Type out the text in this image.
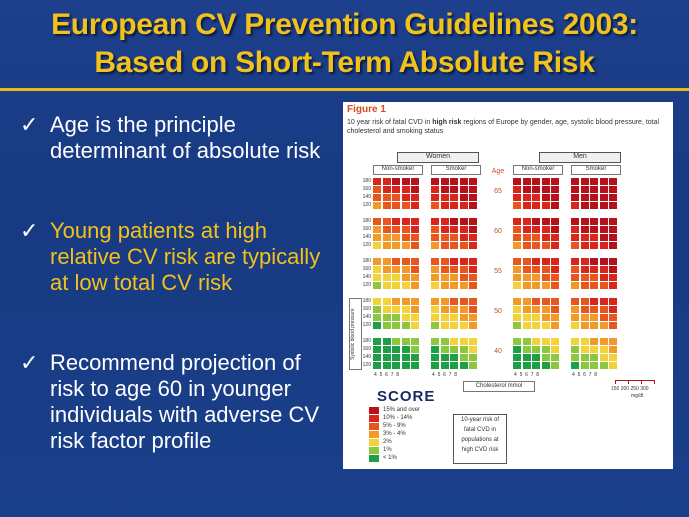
European CV Prevention Guidelines 2003:
Based on Short-Term Absolute Risk
✓ Age is the principle
determinant of absolute risk
✓ Young patients at high
relative CV risk are typically
at low total CV risk
✓ Recommend projection of
risk to age 60 in younger
individuals with adverse CV
risk factor profile
Figure 1
10 year risk of fatal CVD in high risk regions of Europe by gender, age, systolic blood pressure, total cholesterol and smoking status
Women	Men
Non-smoker	Smoker	Non-smoker	Smoker
Age
65
180
160
140
120
60
180
160
140
120
55
180
160
140
120
50
180
160
140
120
40
180
160
140
120
Systolic blood pressure
4 5 6 7 8	4 5 6 7 8	4 5 6 7 8	4 5 6 7 8
Cholesterol mmol	150 200 250 300
mg/dl
SCORE
15% and over
10% - 14%
5% - 9%
3% - 4%
2%
1%
< 1%
10-year risk of
fatal CVD in
populations at
high CVD risk
